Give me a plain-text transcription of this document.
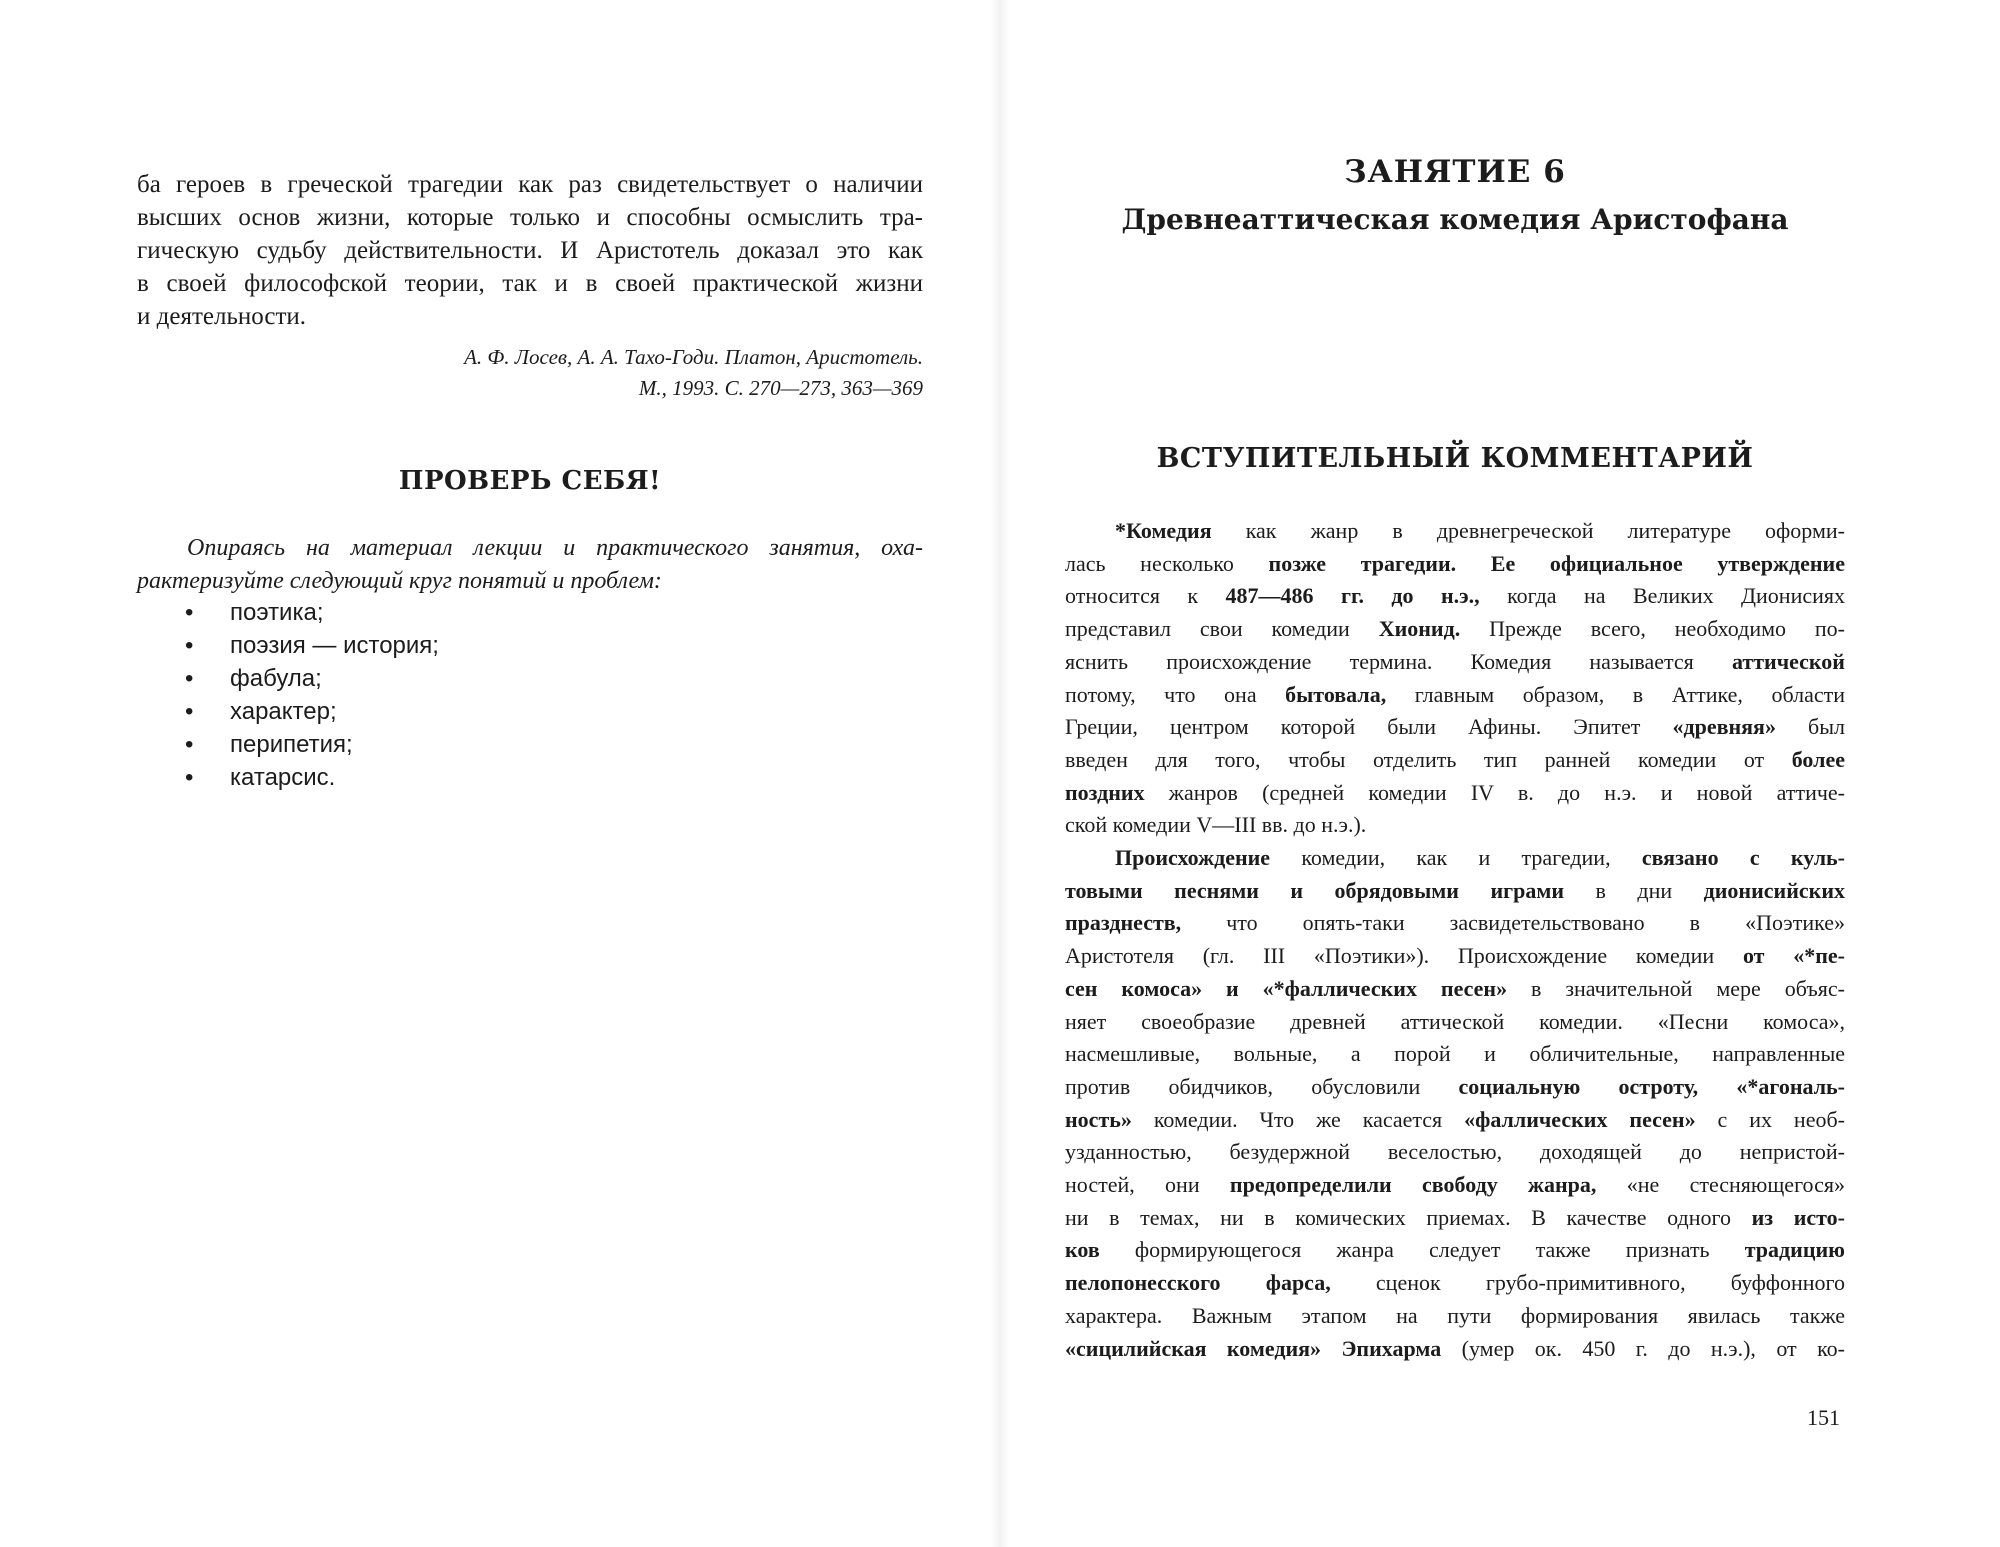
ба героев в греческой трагедии как раз свидетельствует о наличии
высших основ жизни, которые только и способны осмыслить тра-
гическую судьбу действительности. И Аристотель доказал это как
в своей философской теории, так и в своей практической жизни
и деятельности.
А. Ф. Лосев, А. А. Тахо-Годи. Платон, Аристотель.
М., 1993. С. 270—273, 363—369
ПРОВЕРЬ СЕБЯ!
Опираясь на материал лекции и практического занятия, оха-
рактеризуйте следующий круг понятий и проблем:
• поэтика;
• поэзия — история;
• фабула;
• характер;
• перипетия;
• катарсис.
ЗАНЯТИЕ 6
Древнеаттическая комедия Аристофана
ВСТУПИТЕЛЬНЫЙ КОММЕНТАРИЙ
*Комедия как жанр в древнегреческой литературе оформи-
лась несколько позже трагедии. Ее официальное утверждение
относится к 487—486 гг. до н.э., когда на Великих Дионисиях
представил свои комедии Хионид. Прежде всего, необходимо по-
яснить происхождение термина. Комедия называется аттической
потому, что она бытовала, главным образом, в Аттике, области
Греции, центром которой были Афины. Эпитет «древняя» был
введен для того, чтобы отделить тип ранней комедии от более
поздних жанров (средней комедии IV в. до н.э. и новой аттиче-
ской комедии V—III вв. до н.э.).
Происхождение комедии, как и трагедии, связано с куль-
товыми песнями и обрядовыми играми в дни дионисийских
празднеств, что опять-таки засвидетельствовано в «Поэтике»
Аристотеля (гл. III «Поэтики»). Происхождение комедии от «*пе-
сен комоса» и «*фаллических песен» в значительной мере объяс-
няет своеобразие древней аттической комедии. «Песни комоса»,
насмешливые, вольные, а порой и обличительные, направленные
против обидчиков, обусловили социальную остроту, «*агональ-
ность» комедии. Что же касается «фаллических песен» с их необ-
узданностью, безудержной веселостью, доходящей до непристой-
ностей, они предопределили свободу жанра, «не стесняющегося»
ни в темах, ни в комических приемах. В качестве одного из исто-
ков формирующегося жанра следует также признать традицию
пелопонесского фарса, сценок грубо-примитивного, буффонного
характера. Важным этапом на пути формирования явилась также
«сицилийская комедия» Эпихарма (умер ок. 450 г. до н.э.), от ко-
151
